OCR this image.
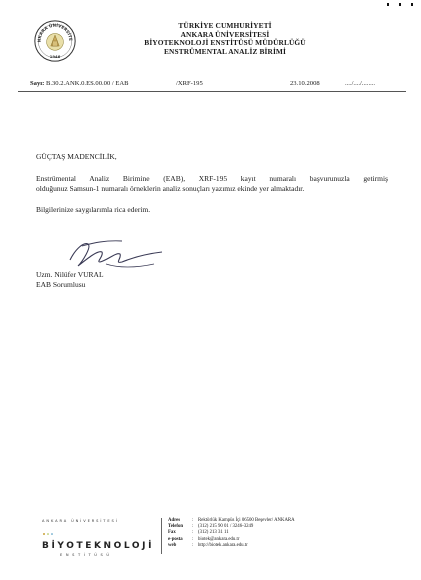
NKARA ÜNİVERSİTE
1946
TÜRKİYE CUMHURİYETİ
ANKARA ÜNİVERSİTESİ
BİYOTEKNOLOJİ ENSTİTÜSÜ MÜDÜRLÜĞÜ
ENSTRÜMENTAL ANALİZ BİRİMİ
Sayı: B.30.2.ANK.0.ES.00.00 / EAB	/XRF-195	23.10.2008	..../..../........
GÜÇTAŞ MADENCİLİK,
Enstrümental Analiz Birimine (EAB), XRF-195 kayıt numaralı başvurunuzla getirmiş
olduğunuz Samsun-1 numaralı örneklerin analiz sonuçları yazımız ekinde yer almaktadır.
Bilgilerinize saygılarımla rica ederim.
Uzm. Nilüfer VURAL
EAB Sorumlusu
ANKARA ÜNİVERSİTESİ
BİYOTEKNOLOJİ
ENSTİTÜSÜ
Adres	: Rektörlük Kampüs İçi 06500 Beşevler/ ANKARA
Telefon	: (312) 215 90 01 / 3246-3249
Fax	: (312) 213 31 11
e-posta	: biotek@ankara.edu.tr
web	: http://biotek.ankara.edu.tr
